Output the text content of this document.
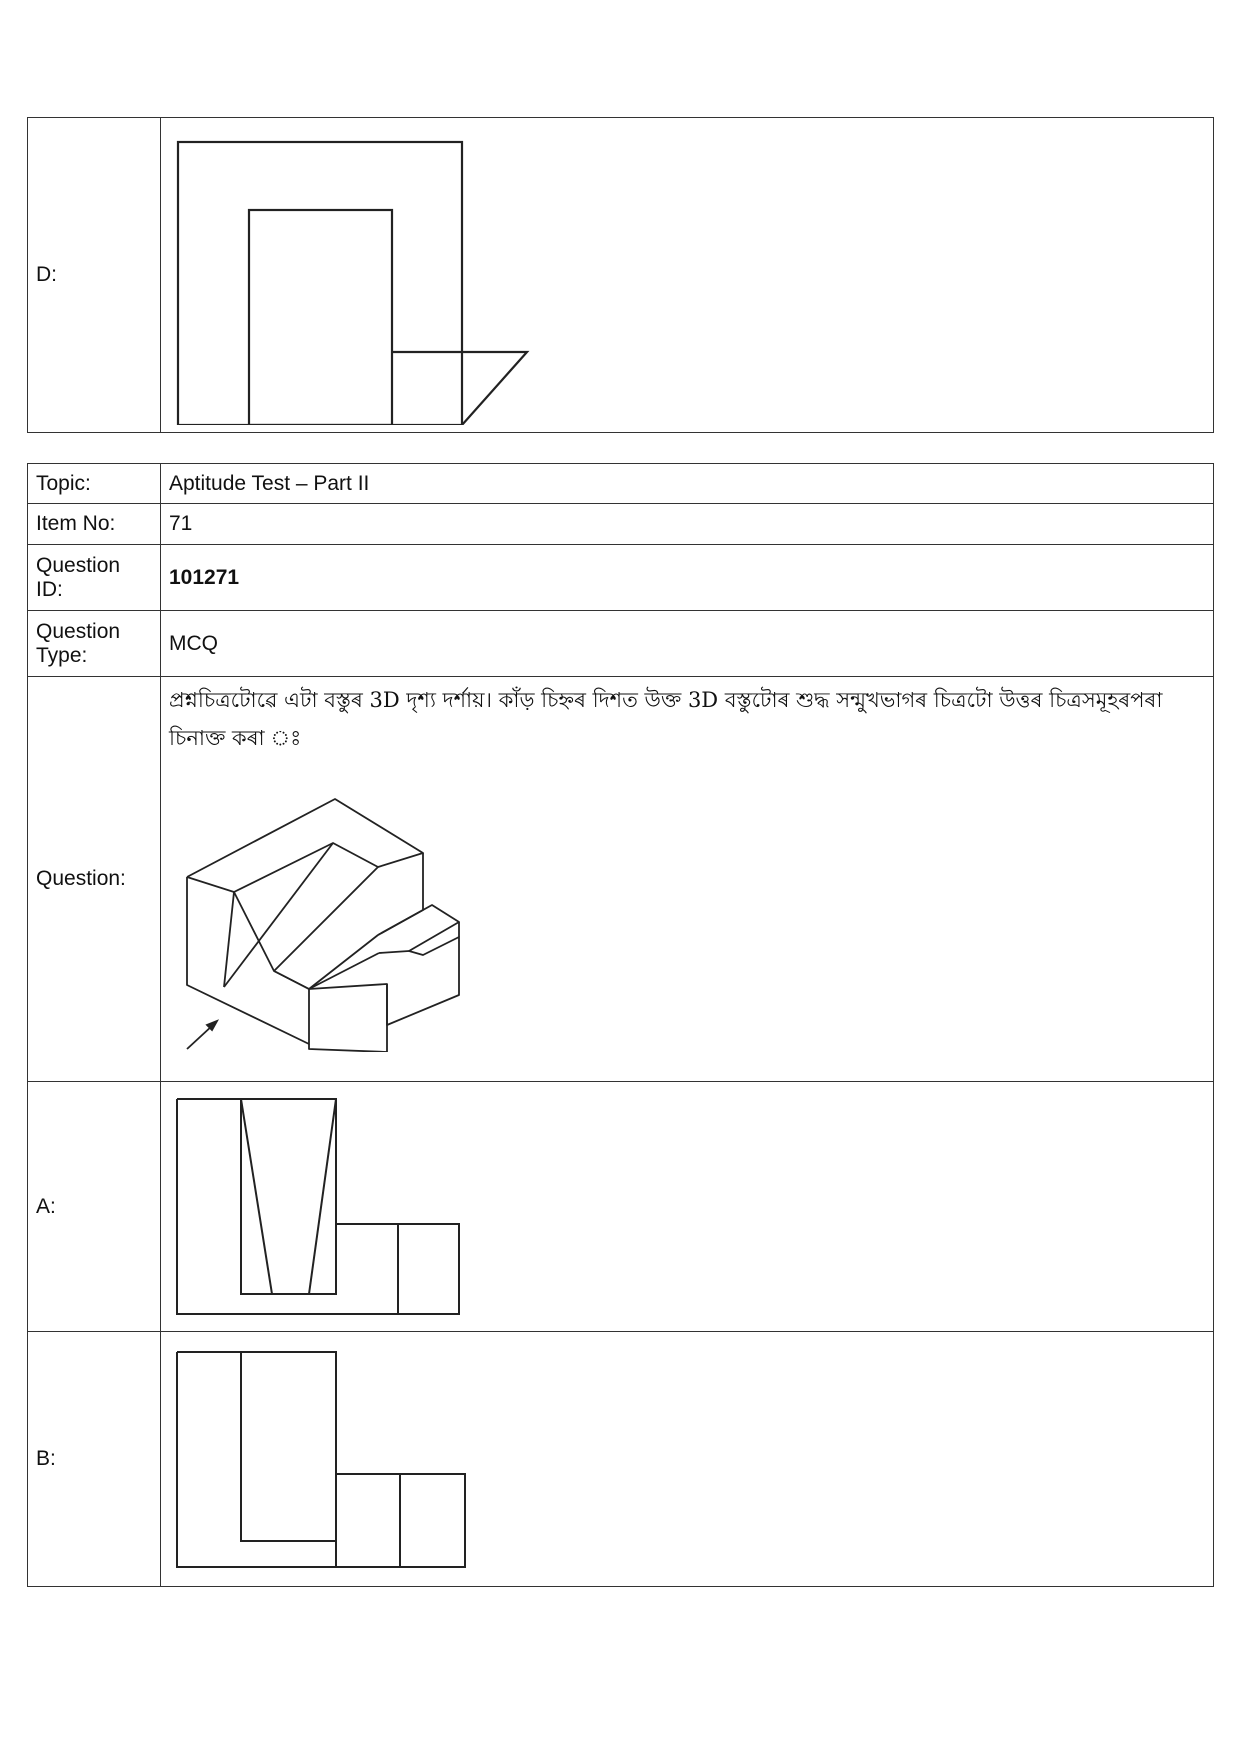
D:	
Topic:	Aptitude Test – Part II
Item No:	71
Question ID:	101271
Question Type:	MCQ
Question:	প্ৰশ্নচিত্ৰটোৱে এটা বস্তুৰ 3D দৃশ্য দৰ্শায়। কাঁড় চিহ্নৰ দিশত উক্ত 3D বস্তুটোৰ শুদ্ধ সন্মুখভাগৰ চিত্ৰটো উত্তৰ চিত্ৰসমূহৰপৰা চিনাক্ত কৰা ঃ

A:	

B:	
